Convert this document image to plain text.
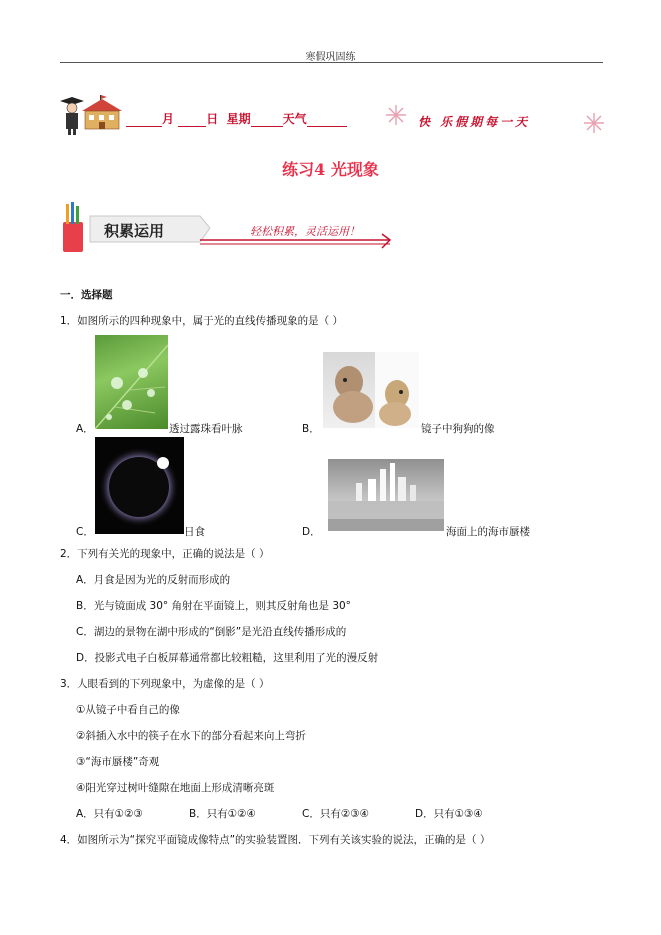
寒假巩固练
月	日 星期	天气	快 乐假期每一天
练习4 光现象
积累运用	轻松积累，灵活运用！
一．选择题
1．如图所示的四种现象中，属于光的直线传播现象的是（ ）
A．	透过露珠看叶脉	B．	镜子中狗狗的像
C．	日食	D．	海面上的海市蜃楼
2．下列有关光的现象中，正确的说法是（ ）
A．月食是因为光的反射而形成的
B．光与镜面成 30° 角射在平面镜上，则其反射角也是 30°
C．湖边的景物在湖中形成的“倒影”是光沿直线传播形成的
D．投影式电子白板屏幕通常都比较粗糙，这里利用了光的漫反射
3．人眼看到的下列现象中，为虚像的是（ ）
①从镜子中看自己的像
②斜插入水中的筷子在水下的部分看起来向上弯折
③“海市蜃楼”奇观
④阳光穿过树叶缝隙在地面上形成清晰亮斑
A．只有①②③	B．只有①②④	C．只有②③④	D．只有①③④
4．如图所示为“探究平面镜成像特点”的实验装置图．下列有关该实验的说法，正确的是（ ）
